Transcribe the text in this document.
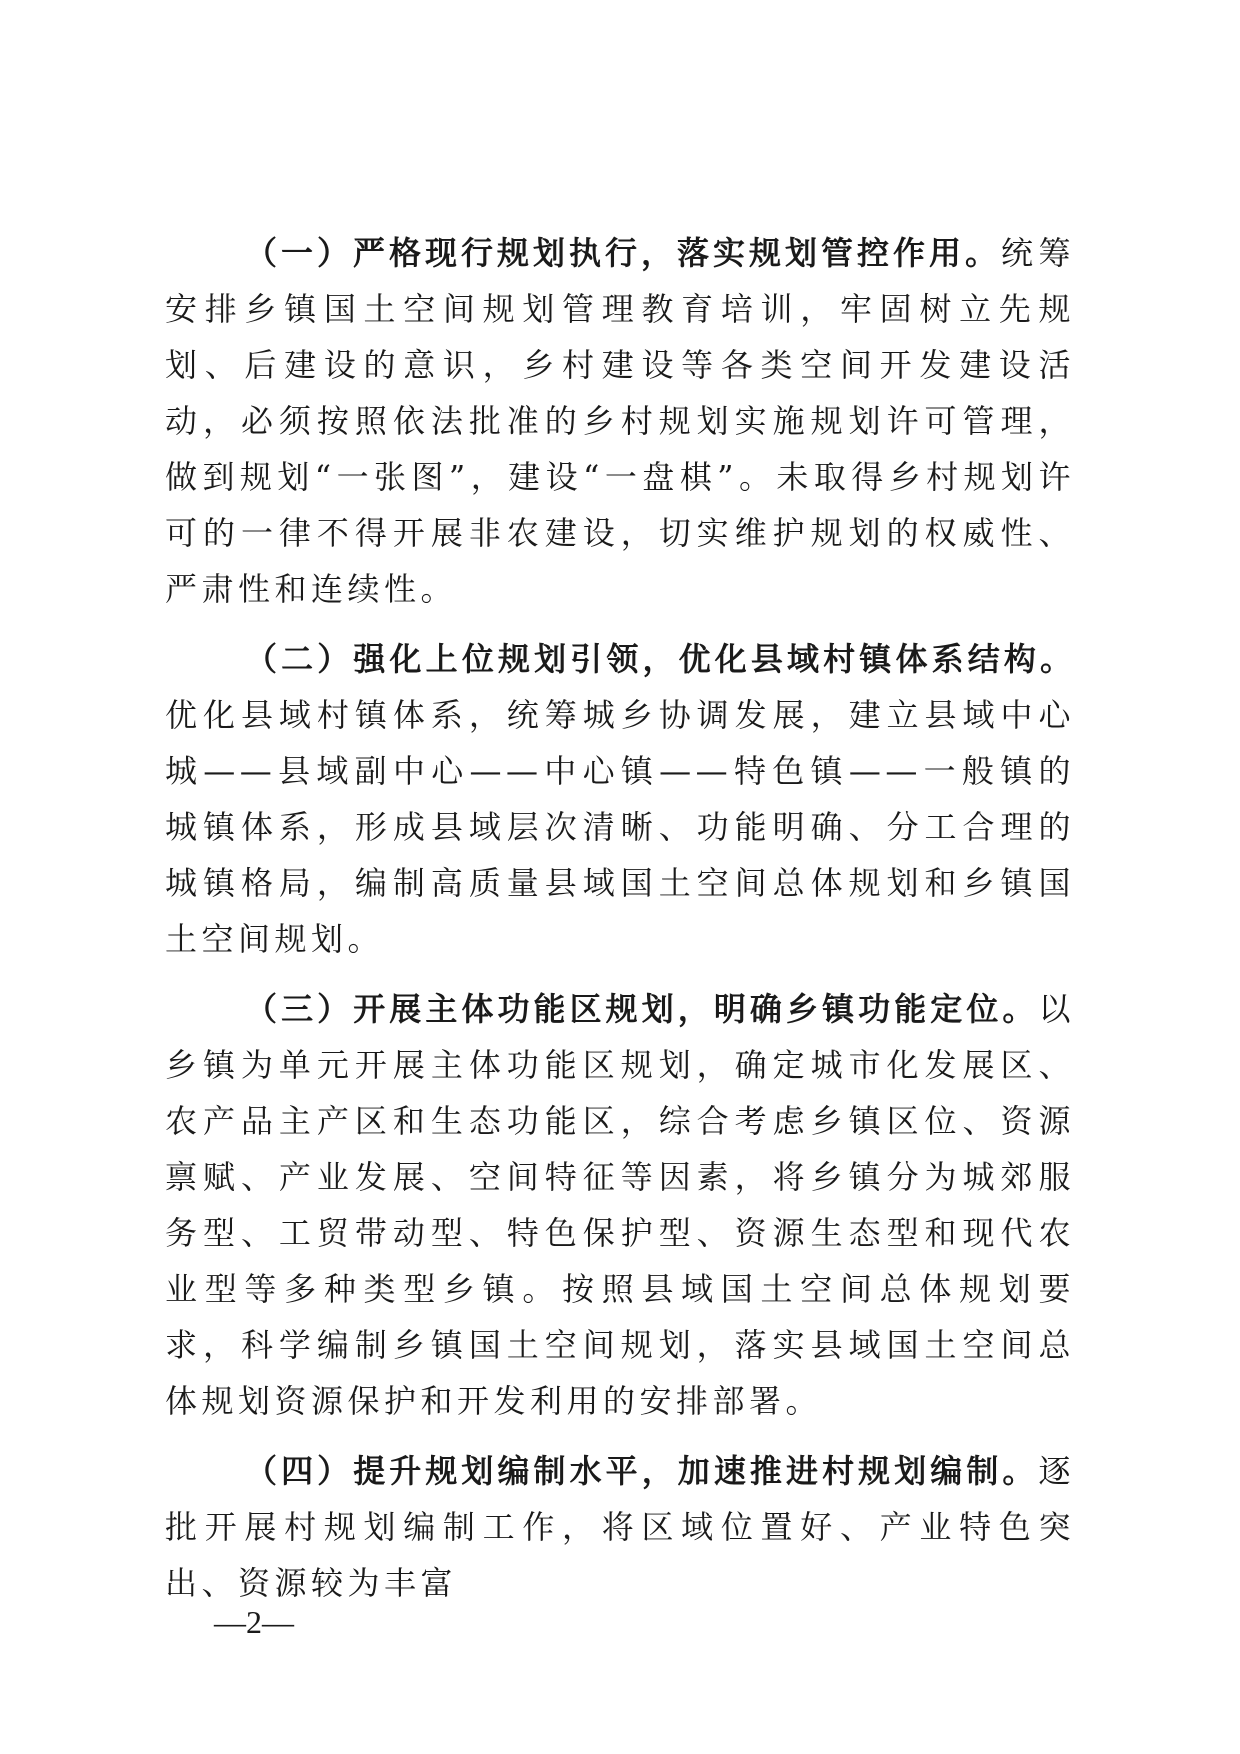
（一）严格现行规划执行，落实规划管控作用。统筹安排乡镇国土空间规划管理教育培训，牢固树立先规划、后建设的意识，乡村建设等各类空间开发建设活动，必须按照依法批准的乡村规划实施规划许可管理，做到规划“一张图”，建设“一盘棋”。未取得乡村规划许可的一律不得开展非农建设，切实维护规划的权威性、严肃性和连续性。

（二）强化上位规划引领，优化县域村镇体系结构。优化县域村镇体系，统筹城乡协调发展，建立县域中心城——县域副中心——中心镇——特色镇——一般镇的城镇体系，形成县域层次清晰、功能明确、分工合理的城镇格局，编制高质量县域国土空间总体规划和乡镇国土空间规划。

（三）开展主体功能区规划，明确乡镇功能定位。以乡镇为单元开展主体功能区规划，确定城市化发展区、农产品主产区和生态功能区，综合考虑乡镇区位、资源禀赋、产业发展、空间特征等因素，将乡镇分为城郊服务型、工贸带动型、特色保护型、资源生态型和现代农业型等多种类型乡镇。按照县域国土空间总体规划要求，科学编制乡镇国土空间规划，落实县域国土空间总体规划资源保护和开发利用的安排部署。

（四）提升规划编制水平，加速推进村规划编制。逐批开展村规划编制工作，将区域位置好、产业特色突出、资源较为丰富

—2—
